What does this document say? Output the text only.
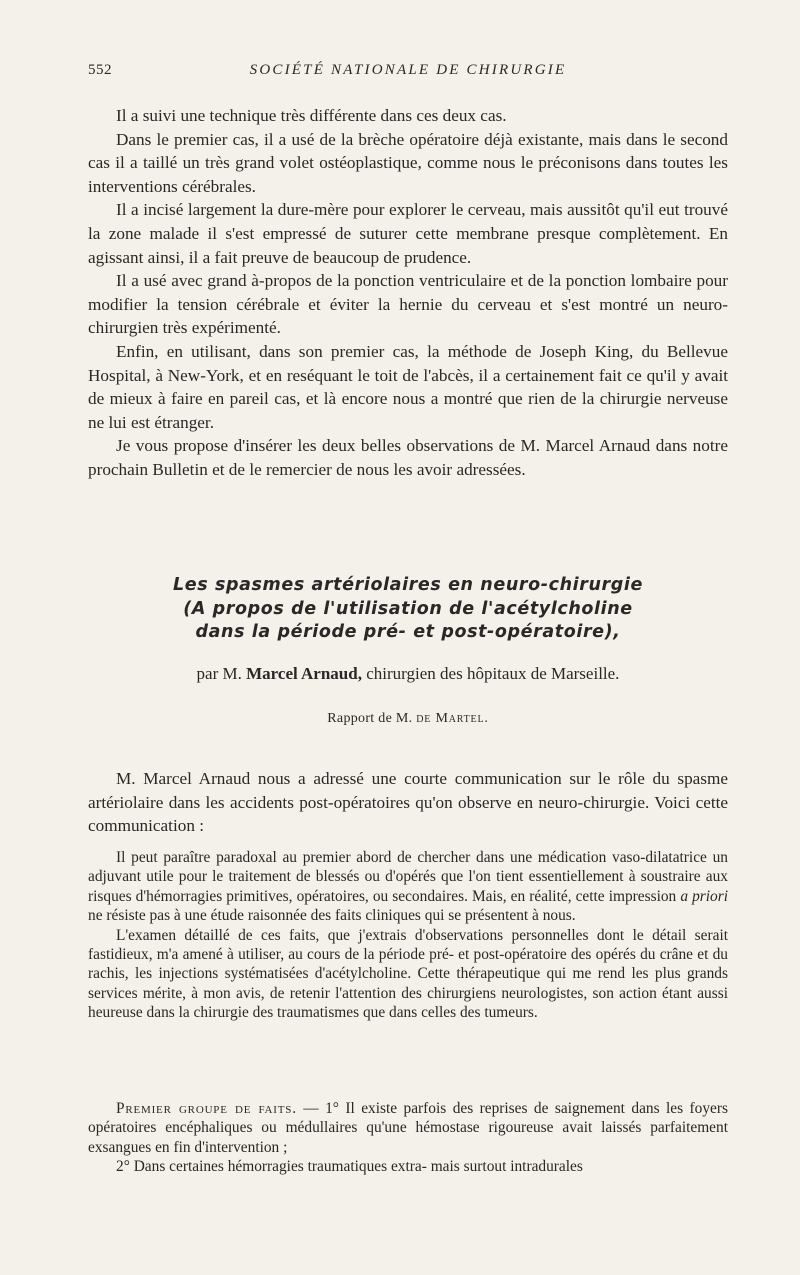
552	SOCIÉTÉ NATIONALE DE CHIRURGIE

Il a suivi une technique très différente dans ces deux cas.

Dans le premier cas, il a usé de la brèche opératoire déjà existante, mais dans le second cas il a taillé un très grand volet ostéoplastique, comme nous le préconisons dans toutes les interventions cérébrales.

Il a incisé largement la dure-mère pour explorer le cerveau, mais aussitôt qu'il eut trouvé la zone malade il s'est empressé de suturer cette membrane presque complètement. En agissant ainsi, il a fait preuve de beaucoup de prudence.

Il a usé avec grand à-propos de la ponction ventriculaire et de la ponction lombaire pour modifier la tension cérébrale et éviter la hernie du cerveau et s'est montré un neuro-chirurgien très expérimenté.

Enfin, en utilisant, dans son premier cas, la méthode de Joseph King, du Bellevue Hospital, à New-York, et en reséquant le toit de l'abcès, il a certainement fait ce qu'il y avait de mieux à faire en pareil cas, et là encore nous a montré que rien de la chirurgie nerveuse ne lui est étranger.

Je vous propose d'insérer les deux belles observations de M. Marcel Arnaud dans notre prochain Bulletin et de le remercier de nous les avoir adressées.

Les spasmes artériolaires en neuro-chirurgie
(A propos de l'utilisation de l'acétylcholine
dans la période pré- et post-opératoire),
par M. Marcel Arnaud, chirurgien des hôpitaux de Marseille.
Rapport de M. de Martel.

M. Marcel Arnaud nous a adressé une courte communication sur le rôle du spasme artériolaire dans les accidents post-opératoires qu'on observe en neuro-chirurgie. Voici cette communication :

Il peut paraître paradoxal au premier abord de chercher dans une médication vaso-dilatatrice un adjuvant utile pour le traitement de blessés ou d'opérés que l'on tient essentiellement à soustraire aux risques d'hémorragies primitives, opératoires, ou secondaires. Mais, en réalité, cette impression a priori ne résiste pas à une étude raisonnée des faits cliniques qui se présentent à nous.

L'examen détaillé de ces faits, que j'extrais d'observations personnelles dont le détail serait fastidieux, m'a amené à utiliser, au cours de la période pré- et post-opératoire des opérés du crâne et du rachis, les injections systématisées d'acétylcholine. Cette thérapeutique qui me rend les plus grands services mérite, à mon avis, de retenir l'attention des chirurgiens neurologistes, son action étant aussi heureuse dans la chirurgie des traumatismes que dans celles des tumeurs.

Premier groupe de faits. — 1° Il existe parfois des reprises de saignement dans les foyers opératoires encéphaliques ou médullaires qu'une hémostase rigoureuse avait laissés parfaitement exsangues en fin d'intervention ;

2° Dans certaines hémorragies traumatiques extra- mais surtout intradurales
